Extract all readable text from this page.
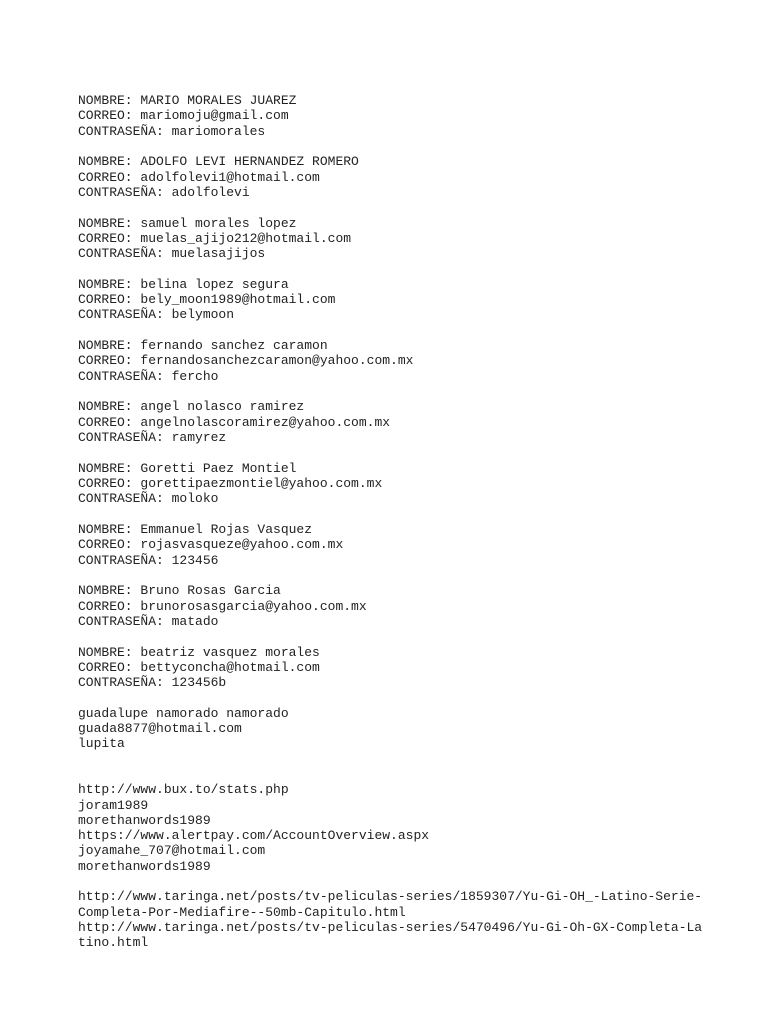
NOMBRE: MARIO MORALES JUAREZ
CORREO: mariomoju@gmail.com
CONTRASEÑA: mariomorales
NOMBRE: ADOLFO LEVI HERNANDEZ ROMERO
CORREO: adolfolevi1@hotmail.com
CONTRASEÑA: adolfolevi
NOMBRE: samuel morales lopez
CORREO: muelas_ajijo212@hotmail.com
CONTRASEÑA: muelasajijos
NOMBRE: belina lopez segura
CORREO: bely_moon1989@hotmail.com
CONTRASEÑA: belymoon
NOMBRE: fernando sanchez caramon
CORREO: fernandosanchezcaramon@yahoo.com.mx
CONTRASEÑA: fercho
NOMBRE: angel nolasco ramirez
CORREO: angelnolascoramirez@yahoo.com.mx
CONTRASEÑA: ramyrez
NOMBRE: Goretti Paez Montiel
CORREO: gorettipaezmontiel@yahoo.com.mx
CONTRASEÑA: moloko
NOMBRE: Emmanuel Rojas Vasquez
CORREO: rojasvasqueze@yahoo.com.mx
CONTRASEÑA: 123456
NOMBRE: Bruno Rosas Garcia
CORREO: brunorosasgarcia@yahoo.com.mx
CONTRASEÑA: matado
NOMBRE: beatriz vasquez morales
CORREO: bettyconcha@hotmail.com
CONTRASEÑA: 123456b
guadalupe namorado namorado
guada8877@hotmail.com
lupita
http://www.bux.to/stats.php
joram1989
morethanwords1989
https://www.alertpay.com/AccountOverview.aspx
joyamahe_707@hotmail.com
morethanwords1989
http://www.taringa.net/posts/tv-peliculas-series/1859307/Yu-Gi-OH_-Latino-Serie-
Completa-Por-Mediafire--50mb-Capitulo.html
http://www.taringa.net/posts/tv-peliculas-series/5470496/Yu-Gi-Oh-GX-Completa-La
tino.html
